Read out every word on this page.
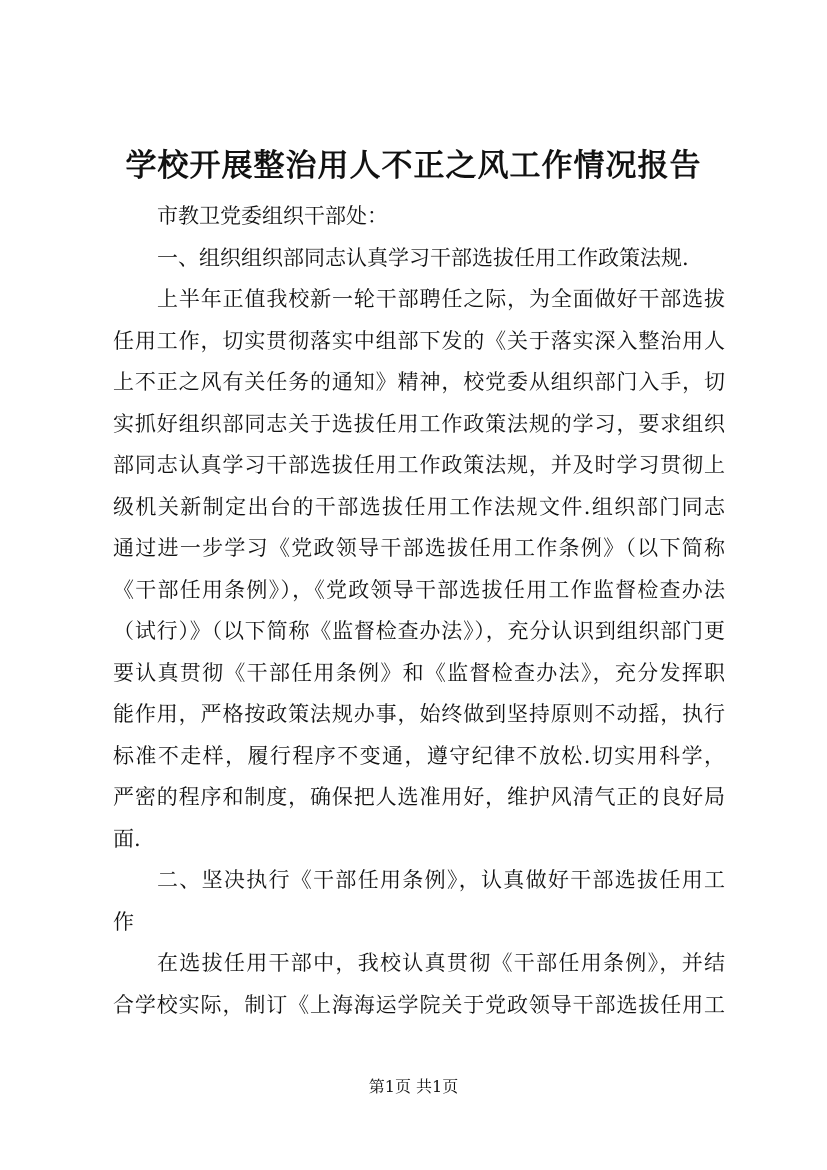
学校开展整治用人不正之风工作情况报告
市教卫党委组织干部处：
一、组织组织部同志认真学习干部选拔任用工作政策法规.
上半年正值我校新一轮干部聘任之际，为全面做好干部选拔
任用工作，切实贯彻落实中组部下发的《关于落实深入整治用人
上不正之风有关任务的通知》精神，校党委从组织部门入手，切
实抓好组织部同志关于选拔任用工作政策法规的学习，要求组织
部同志认真学习干部选拔任用工作政策法规，并及时学习贯彻上
级机关新制定出台的干部选拔任用工作法规文件.组织部门同志
通过进一步学习《党政领导干部选拔任用工作条例》（以下简称
《干部任用条例》），《党政领导干部选拔任用工作监督检查办法
（试行）》（以下简称《监督检查办法》），充分认识到组织部门更
要认真贯彻《干部任用条例》和《监督检查办法》，充分发挥职
能作用，严格按政策法规办事，始终做到坚持原则不动摇，执行
标准不走样，履行程序不变通，遵守纪律不放松.切实用科学，
严密的程序和制度，确保把人选准用好，维护风清气正的良好局
面.
二、坚决执行《干部任用条例》，认真做好干部选拔任用工
作
在选拔任用干部中，我校认真贯彻《干部任用条例》，并结
合学校实际，制订《上海海运学院关于党政领导干部选拔任用工
第1页 共1页
